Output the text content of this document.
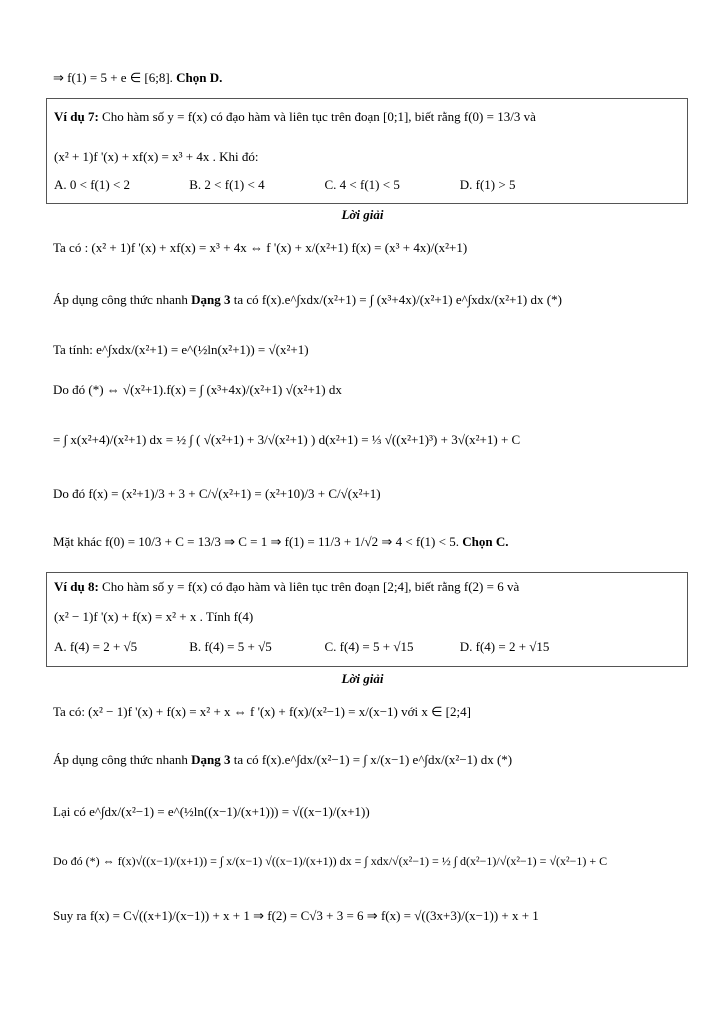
⇒ f(1) = 5 + e ∈ [6;8]. Chọn D.
Ví dụ 7: Cho hàm số y = f(x) có đạo hàm và liên tục trên đoạn [0;1], biết rằng f(0) = 13/3 và
(x² + 1)f '(x) + xf(x) = x³ + 4x . Khi đó:
A. 0 < f(1) < 2	B. 2 < f(1) < 4	C. 4 < f(1) < 5	D. f(1) > 5
Lời giải
Ta có : (x² + 1)f '(x) + xf(x) = x³ + 4x ⇔ f '(x) + x/(x²+1) f(x) = (x³ + 4x)/(x²+1)
Áp dụng công thức nhanh Dạng 3 ta có f(x).e^∫xdx/(x²+1) = ∫ (x³+4x)/(x²+1) e^∫xdx/(x²+1) dx (*)
Ta tính: e^∫xdx/(x²+1) = e^(½ln(x²+1)) = √(x²+1)
Do đó (*) ⇔ √(x²+1).f(x) = ∫ (x³+4x)/(x²+1) √(x²+1) dx
= ∫ x(x²+4)/(x²+1) dx = ½ ∫ ( √(x²+1) + 3/√(x²+1) ) d(x²+1) = ⅓ √((x²+1)³) + 3√(x²+1) + C
Do đó f(x) = (x²+1)/3 + 3 + C/√(x²+1) = (x²+10)/3 + C/√(x²+1)
Mặt khác f(0) = 10/3 + C = 13/3 ⇒ C = 1 ⇒ f(1) = 11/3 + 1/√2 ⇒ 4 < f(1) < 5. Chọn C.
Ví dụ 8: Cho hàm số y = f(x) có đạo hàm và liên tục trên đoạn [2;4], biết rằng f(2) = 6 và
(x² − 1)f '(x) + f(x) = x² + x . Tính f(4)
A. f(4) = 2 + √5	B. f(4) = 5 + √5	C. f(4) = 5 + √15	D. f(4) = 2 + √15
Lời giải
Ta có: (x² − 1)f '(x) + f(x) = x² + x ⇔ f '(x) + f(x)/(x²−1) = x/(x−1) với x ∈ [2;4]
Áp dụng công thức nhanh Dạng 3 ta có f(x).e^∫dx/(x²−1) = ∫ x/(x−1) e^∫dx/(x²−1) dx (*)
Lại có e^∫dx/(x²−1) = e^(½ln((x−1)/(x+1))) = √((x−1)/(x+1))
Do đó (*) ⇔ f(x)√((x−1)/(x+1)) = ∫ x/(x−1) √((x−1)/(x+1)) dx = ∫ xdx/√(x²−1) = ½ ∫ d(x²−1)/√(x²−1) = √(x²−1) + C
Suy ra f(x) = C√((x+1)/(x−1)) + x + 1 ⇒ f(2) = C√3 + 3 = 6 ⇒ f(x) = √((3x+3)/(x−1)) + x + 1
